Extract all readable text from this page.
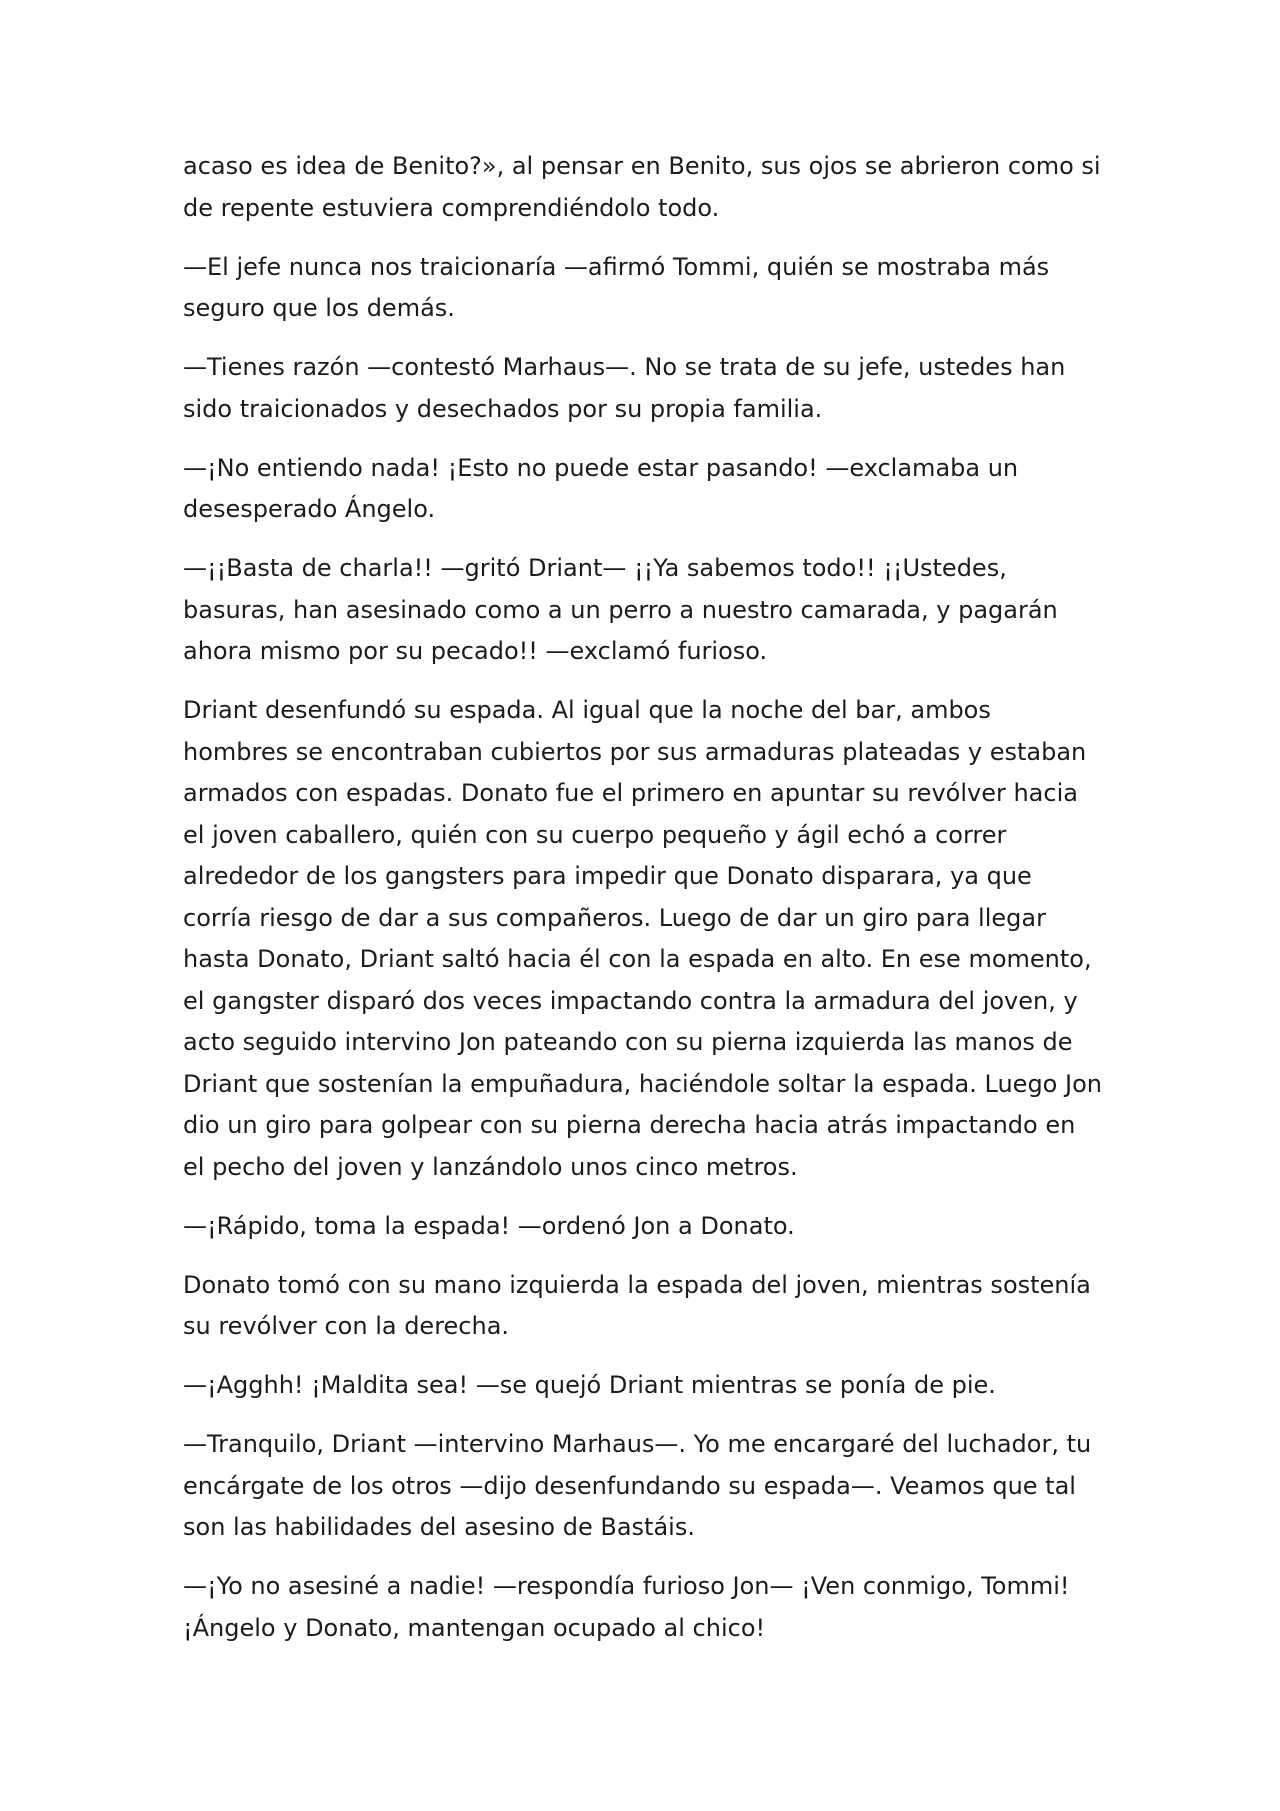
acaso es idea de Benito?», al pensar en Benito, sus ojos se abrieron como si de repente estuviera comprendiéndolo todo.

—El jefe nunca nos traicionaría —afirmó Tommi, quién se mostraba más seguro que los demás.

—Tienes razón —contestó Marhaus—. No se trata de su jefe, ustedes han sido traicionados y desechados por su propia familia.

—¡No entiendo nada! ¡Esto no puede estar pasando! —exclamaba un desesperado Ángelo.

—¡¡Basta de charla!! —gritó Driant— ¡¡Ya sabemos todo!! ¡¡Ustedes, basuras, han asesinado como a un perro a nuestro camarada, y pagarán ahora mismo por su pecado!! —exclamó furioso.

Driant desenfundó su espada. Al igual que la noche del bar, ambos hombres se encontraban cubiertos por sus armaduras plateadas y estaban armados con espadas. Donato fue el primero en apuntar su revólver hacia el joven caballero, quién con su cuerpo pequeño y ágil echó a correr alrededor de los gangsters para impedir que Donato disparara, ya que corría riesgo de dar a sus compañeros. Luego de dar un giro para llegar hasta Donato, Driant saltó hacia él con la espada en alto. En ese momento, el gangster disparó dos veces impactando contra la armadura del joven, y acto seguido intervino Jon pateando con su pierna izquierda las manos de Driant que sostenían la empuñadura, haciéndole soltar la espada. Luego Jon dio un giro para golpear con su pierna derecha hacia atrás impactando en el pecho del joven y lanzándolo unos cinco metros.

—¡Rápido, toma la espada! —ordenó Jon a Donato.

Donato tomó con su mano izquierda la espada del joven, mientras sostenía su revólver con la derecha.

—¡Agghh! ¡Maldita sea! —se quejó Driant mientras se ponía de pie.

—Tranquilo, Driant —intervino Marhaus—. Yo me encargaré del luchador, tu encárgate de los otros —dijo desenfundando su espada—. Veamos que tal son las habilidades del asesino de Bastáis.

—¡Yo no asesiné a nadie! —respondía furioso Jon— ¡Ven conmigo, Tommi! ¡Ángelo y Donato, mantengan ocupado al chico!
